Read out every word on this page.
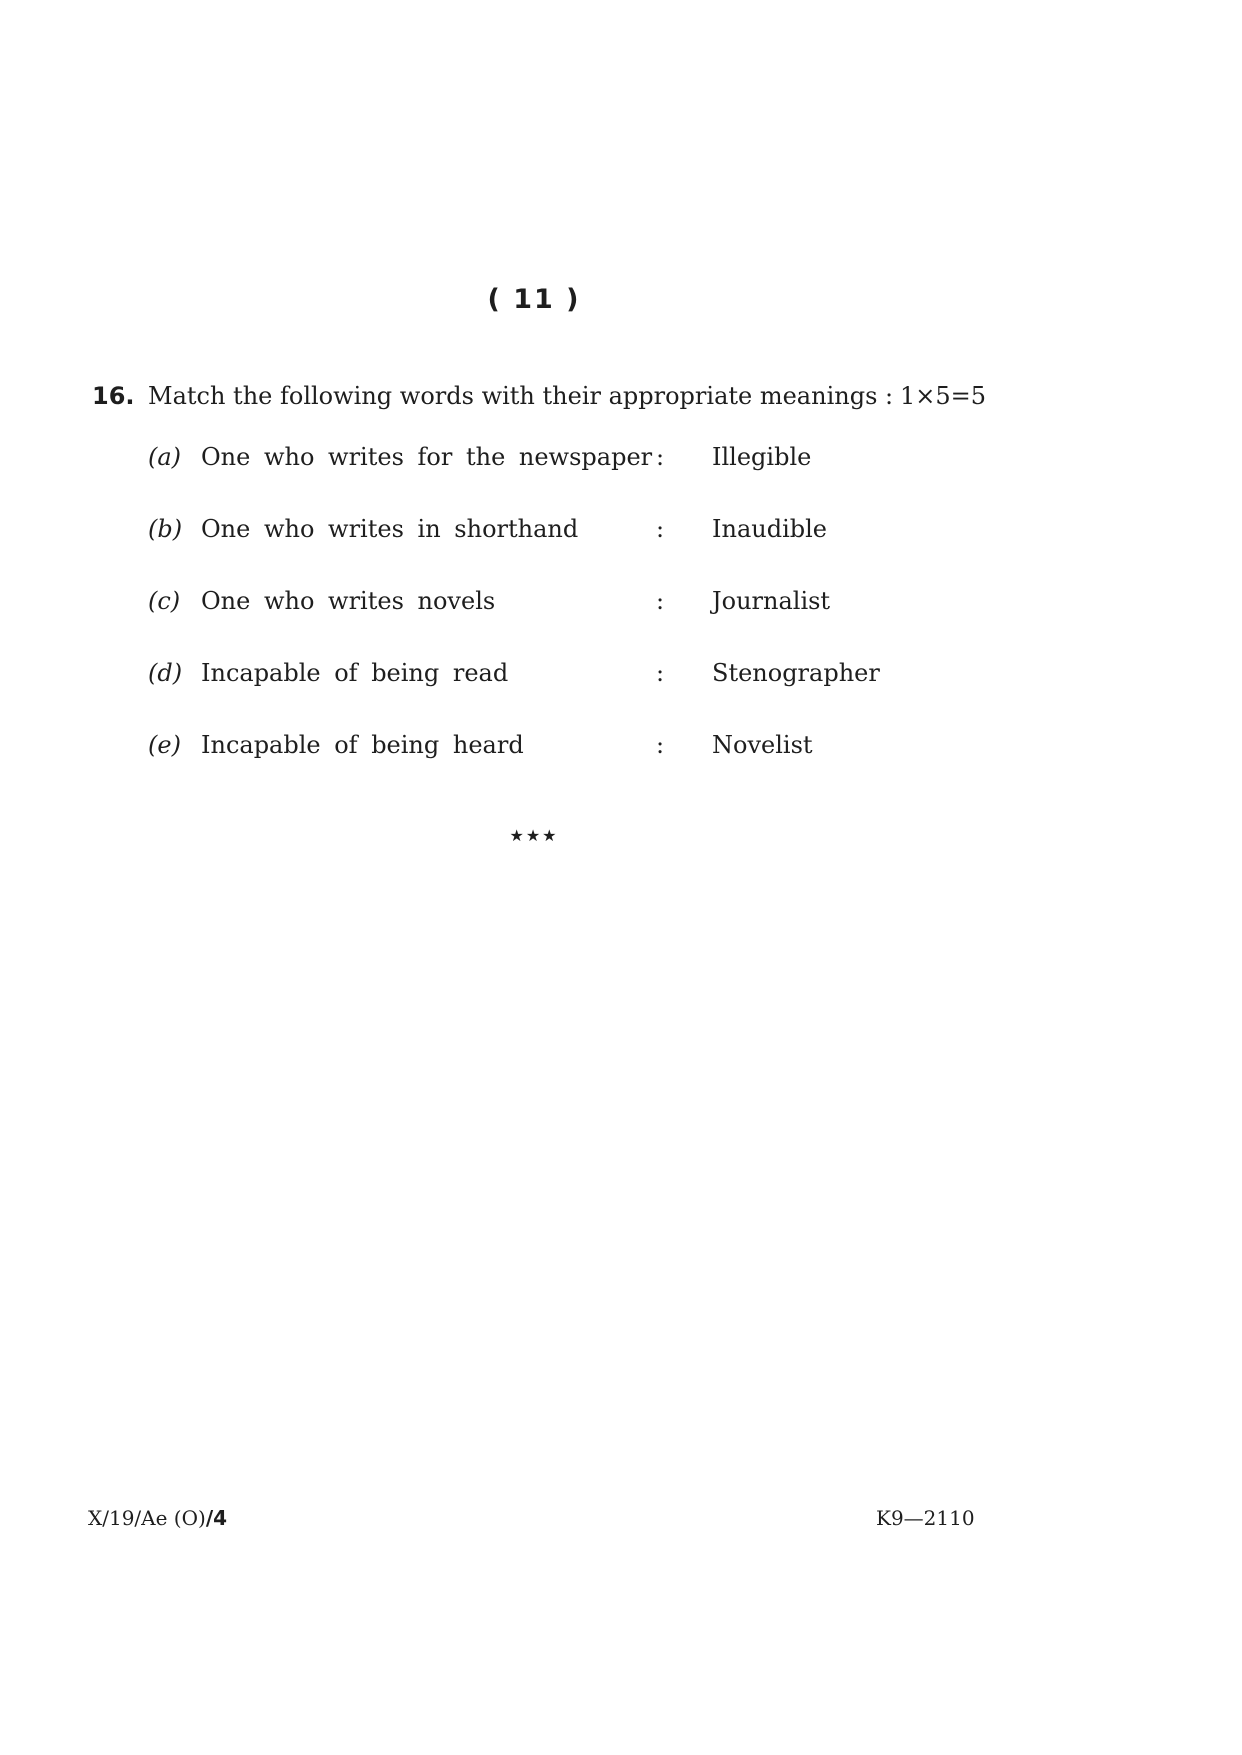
( 11 )
16. Match the following words with their appropriate meanings : 1×5=5
(a) One who writes for the newspaper : Illegible
(b) One who writes in shorthand	: Inaudible
(c) One who writes novels	: Journalist
(d) Incapable of being read	: Stenographer
(e) Incapable of being heard	: Novelist
★★★
X/19/Ae (O)/4	K9—2110
